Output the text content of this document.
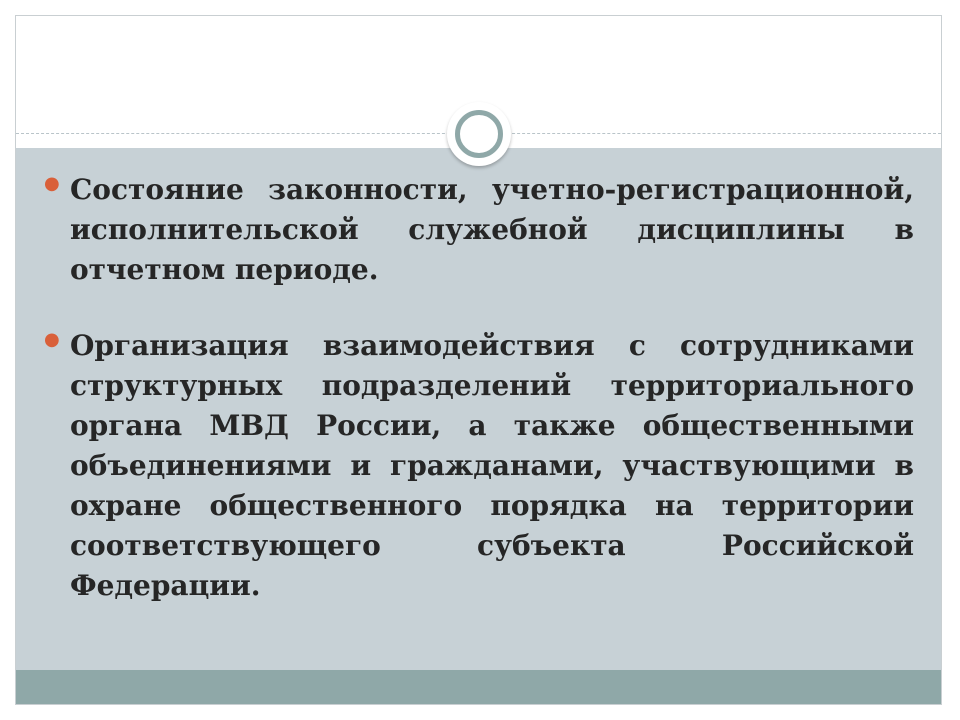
● Состояние законности, учетно-регистрационной, исполнительской служебной дисциплины в отчетном периоде.
● Организация взаимодействия с сотрудниками структурных подразделений территориального органа МВД России, а также общественными объединениями и гражданами, участвующими в охране общественного порядка на территории соответствующего субъекта Российской Федерации.
